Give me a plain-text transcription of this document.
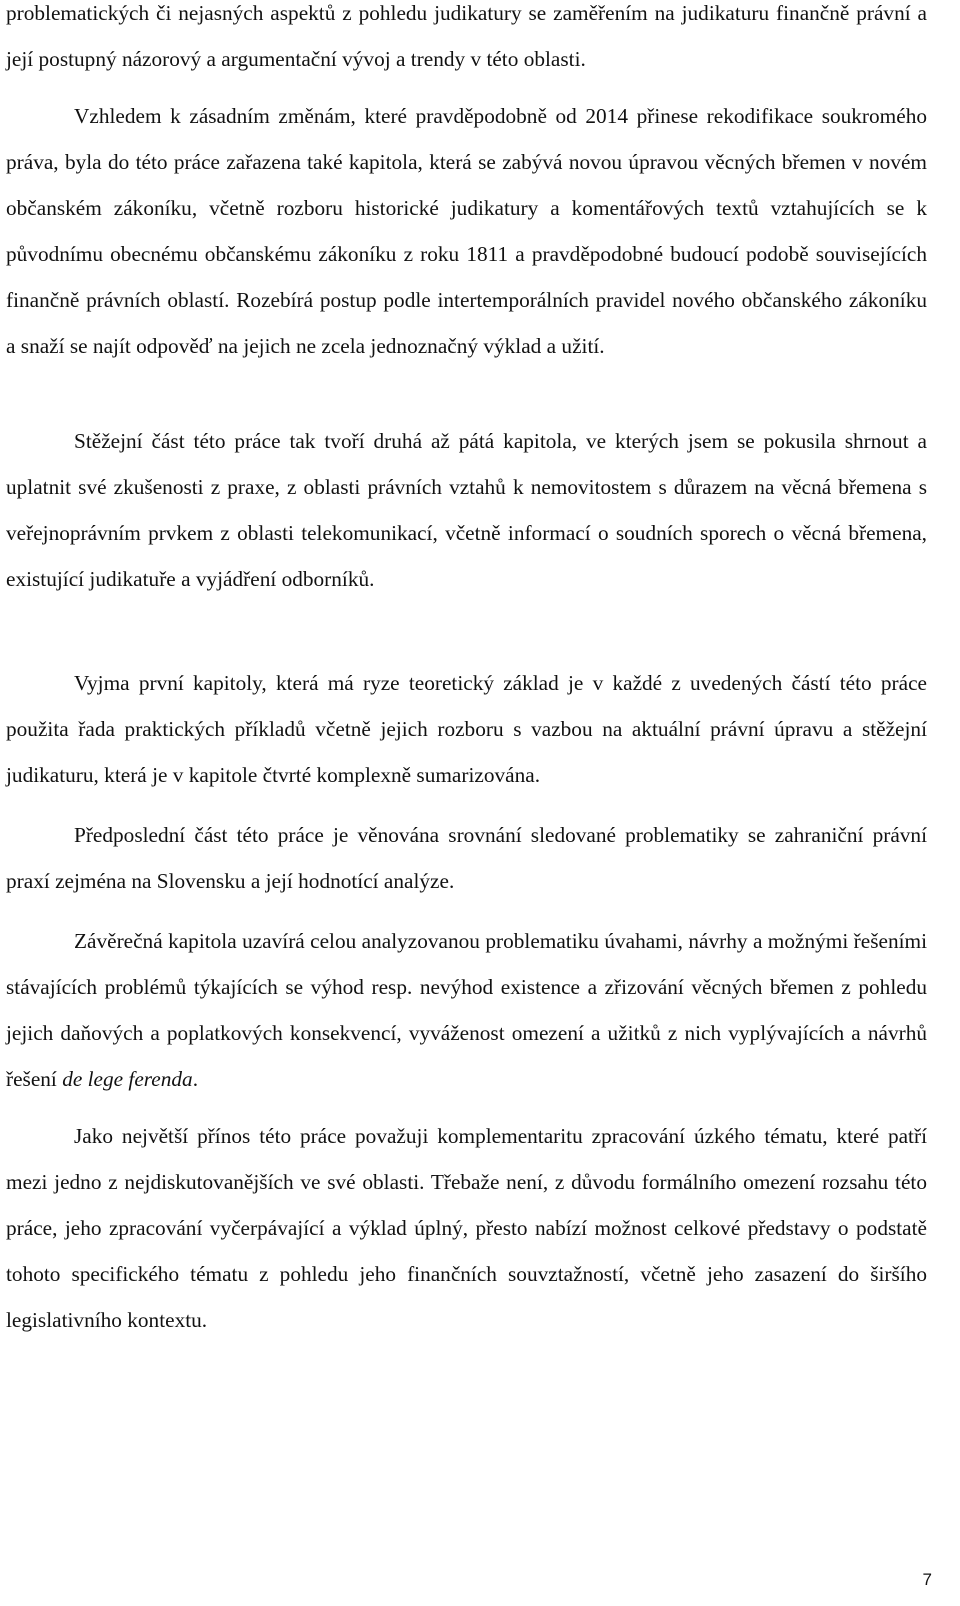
problematických či nejasných aspektů z pohledu judikatury se zaměřením na judikaturu finančně právní a její postupný názorový a argumentační vývoj a trendy v této oblasti.

Vzhledem k zásadním změnám, které pravděpodobně od 2014 přinese rekodifikace soukromého práva, byla do této práce zařazena také kapitola, která se zabývá novou úpravou věcných břemen v novém občanském zákoníku, včetně rozboru historické judikatury a komentářových textů vztahujících se k původnímu obecnému občanskému zákoníku z roku 1811 a pravděpodobné budoucí podobě souvisejících finančně právních oblastí. Rozebírá postup podle intertemporálních pravidel nového občanského zákoníku a snaží se najít odpověď na jejich ne zcela jednoznačný výklad a užití.

Stěžejní část této práce tak tvoří druhá až pátá kapitola, ve kterých jsem se pokusila shrnout a uplatnit své zkušenosti z praxe, z oblasti právních vztahů k nemovitostem s důrazem na věcná břemena s veřejnoprávním prvkem z oblasti telekomunikací, včetně informací o soudních sporech o věcná břemena, existující judikatuře a vyjádření odborníků.

Vyjma první kapitoly, která má ryze teoretický základ je v každé z uvedených částí této práce použita řada praktických příkladů včetně jejich rozboru s vazbou na aktuální právní úpravu a stěžejní judikaturu, která je v kapitole čtvrté komplexně sumarizována.

Předposlední část této práce je věnována srovnání sledované problematiky se zahraniční právní praxí zejména na Slovensku a její hodnotící analýze.

Závěrečná kapitola uzavírá celou analyzovanou problematiku úvahami, návrhy a možnými řešeními stávajících problémů týkajících se výhod resp. nevýhod existence a zřizování věcných břemen z pohledu jejich daňových a poplatkových konsekvencí, vyváženost omezení a užitků z nich vyplývajících a návrhů řešení de lege ferenda.

Jako největší přínos této práce považuji komplementaritu zpracování úzkého tématu, které patří mezi jedno z nejdiskutovanějších ve své oblasti. Třebaže není, z důvodu formálního omezení rozsahu této práce, jeho zpracování vyčerpávající a výklad úplný, přesto nabízí možnost celkové představy o podstatě tohoto specifického tématu z pohledu jeho finančních souvztažností, včetně jeho zasazení do širšího legislativního kontextu.

7
